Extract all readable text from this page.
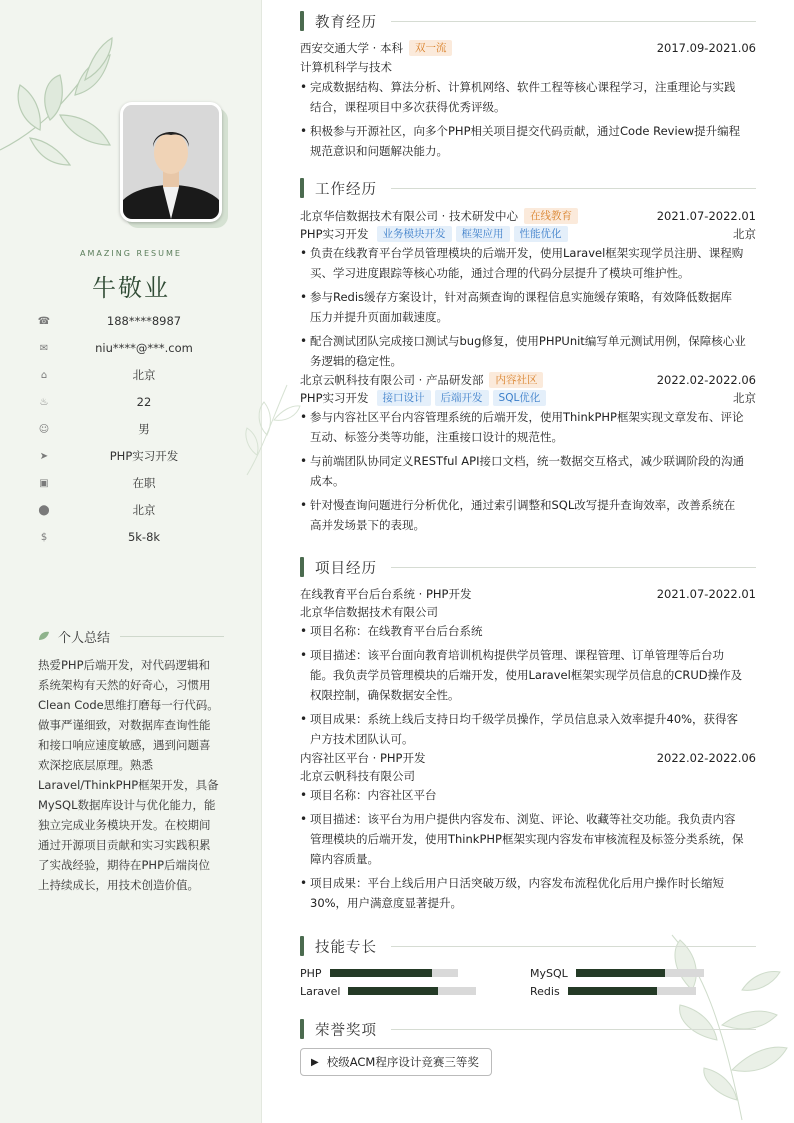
AMAZING RESUME
牛敬业
☎	188****8987
✉	niu****@***.com
⌂	北京
♨	22
☺	男
➤	PHP实习开发
▣	在职
⬤	北京
$	5k-8k
个人总结
热爱PHP后端开发，对代码逻辑和
系统架构有天然的好奇心，习惯用
Clean Code思维打磨每一行代码。
做事严谨细致，对数据库查询性能
和接口响应速度敏感，遇到问题喜
欢深挖底层原理。熟悉
Laravel/ThinkPHP框架开发，具备
MySQL数据库设计与优化能力，能
独立完成业务模块开发。在校期间
通过开源项目贡献和实习实践积累
了实战经验，期待在PHP后端岗位
上持续成长，用技术创造价值。
教育经历
西安交通大学 · 本科	双一流	2017.09-2021.06
计算机科学与技术
• 完成数据结构、算法分析、计算机网络、软件工程等核心课程学习，注重理论与实践
结合，课程项目中多次获得优秀评级。
• 积极参与开源社区，向多个PHP相关项目提交代码贡献，通过Code Review提升编程
规范意识和问题解决能力。
工作经历
北京华信数据技术有限公司 · 技术研发中心	在线教育	2021.07-2022.01
PHP实习开发	业务模块开发	框架应用	性能优化	北京
• 负责在线教育平台学员管理模块的后端开发，使用Laravel框架实现学员注册、课程购
买、学习进度跟踪等核心功能，通过合理的代码分层提升了模块可维护性。
• 参与Redis缓存方案设计，针对高频查询的课程信息实施缓存策略，有效降低数据库
压力并提升页面加载速度。
• 配合测试团队完成接口测试与bug修复，使用PHPUnit编写单元测试用例，保障核心业
务逻辑的稳定性。
北京云帆科技有限公司 · 产品研发部	内容社区	2022.02-2022.06
PHP实习开发	接口设计	后端开发	SQL优化	北京
• 参与内容社区平台内容管理系统的后端开发，使用ThinkPHP框架实现文章发布、评论
互动、标签分类等功能，注重接口设计的规范性。
• 与前端团队协同定义RESTful API接口文档，统一数据交互格式，减少联调阶段的沟通
成本。
• 针对慢查询问题进行分析优化，通过索引调整和SQL改写提升查询效率，改善系统在
高并发场景下的表现。
项目经历
在线教育平台后台系统 · PHP开发	2021.07-2022.01
北京华信数据技术有限公司
• 项目名称：在线教育平台后台系统
• 项目描述：该平台面向教育培训机构提供学员管理、课程管理、订单管理等后台功
能。我负责学员管理模块的后端开发，使用Laravel框架实现学员信息的CRUD操作及
权限控制，确保数据安全性。
• 项目成果：系统上线后支持日均千级学员操作，学员信息录入效率提升40%，获得客
户方技术团队认可。
内容社区平台 · PHP开发	2022.02-2022.06
北京云帆科技有限公司
• 项目名称：内容社区平台
• 项目描述：该平台为用户提供内容发布、浏览、评论、收藏等社交功能。我负责内容
管理模块的后端开发，使用ThinkPHP框架实现内容发布审核流程及标签分类系统，保
障内容质量。
• 项目成果：平台上线后用户日活突破万级，内容发布流程优化后用户操作时长缩短
30%，用户满意度显著提升。
技能专长
PHP	MySQL
Laravel	Redis
荣誉奖项
▶ 校级ACM程序设计竞赛三等奖
